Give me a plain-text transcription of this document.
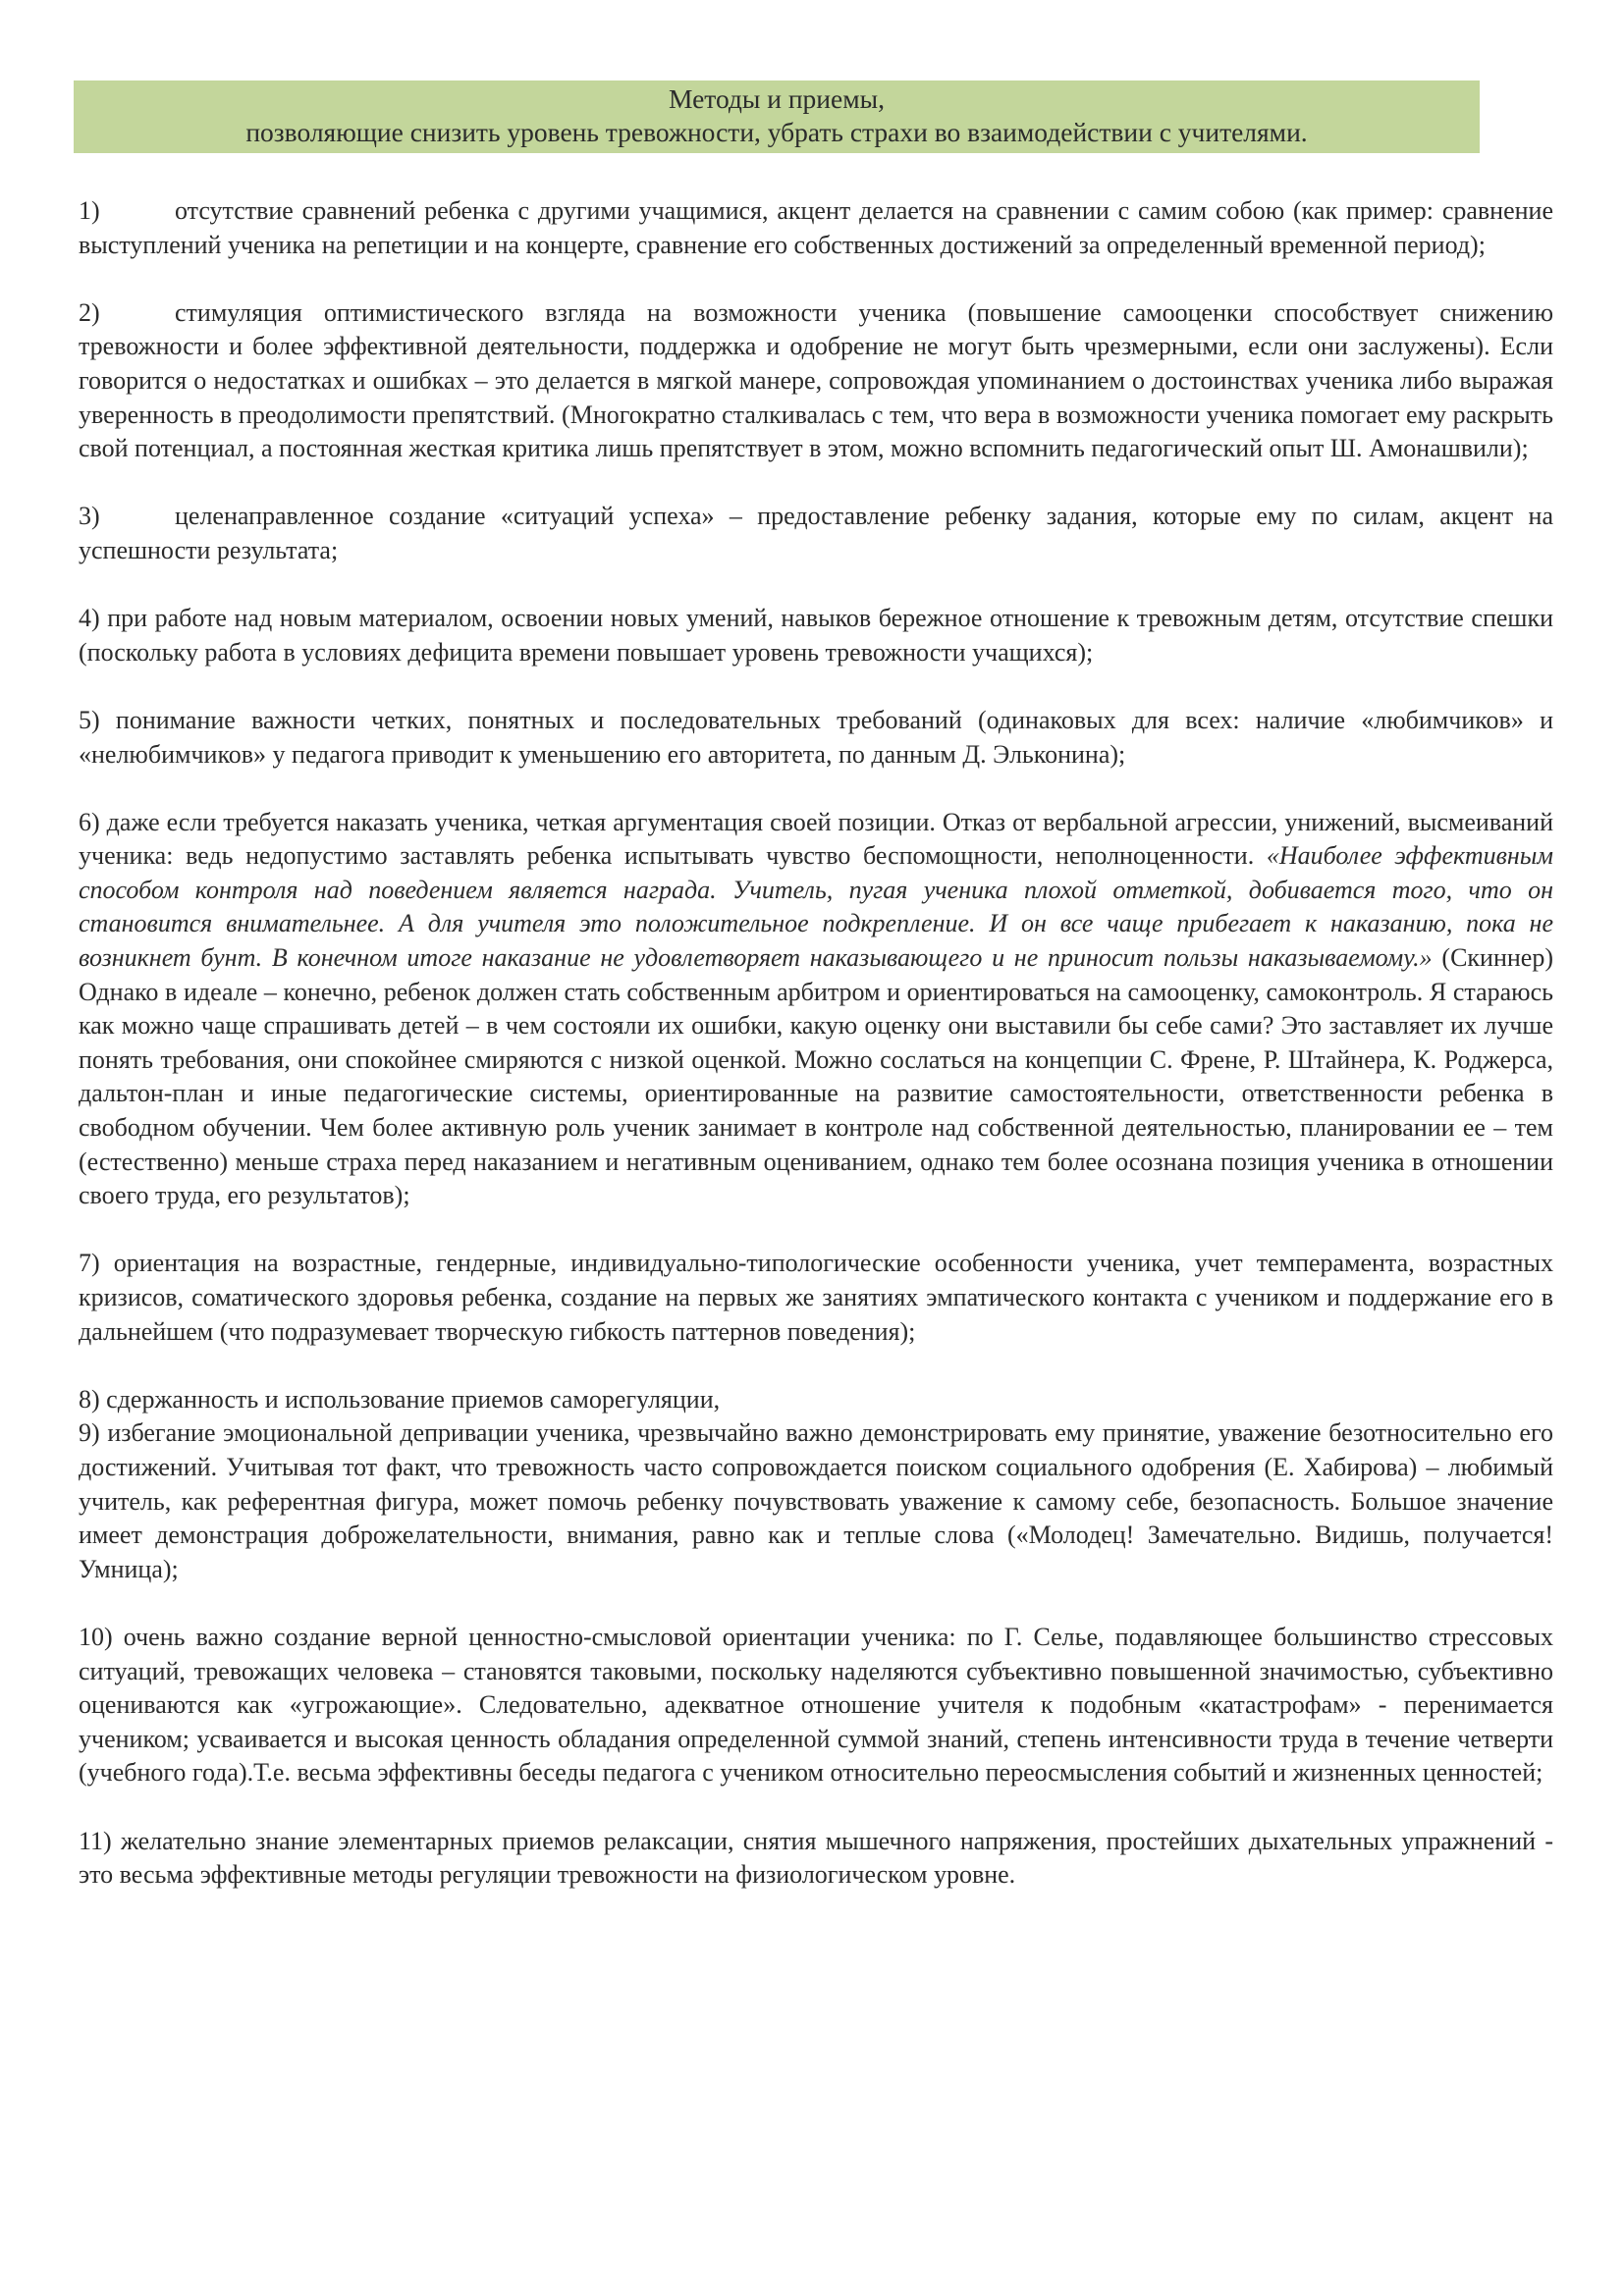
Методы и приемы,
позволяющие снизить уровень тревожности, убрать страхи во взаимодействии с учителями.

1)	отсутствие сравнений ребенка с другими учащимися, акцент делается на сравнении с самим собою (как пример: сравнение выступлений ученика на репетиции и на концерте, сравнение его собственных достижений за определенный временной период);

2)	стимуляция оптимистического взгляда на возможности ученика (повышение самооценки способствует снижению тревожности и более эффективной деятельности, поддержка и одобрение не могут быть чрезмерными, если они заслужены). Если говорится о недостатках и ошибках – это делается в мягкой манере, сопровождая упоминанием о достоинствах ученика либо выражая уверенность в преодолимости препятствий. (Многократно сталкивалась с тем, что вера в возможности ученика помогает ему раскрыть свой потенциал, а постоянная жесткая критика лишь препятствует в этом, можно вспомнить педагогический опыт Ш. Амонашвили);

3)	целенаправленное создание «ситуаций успеха» – предоставление ребенку задания, которые ему по силам, акцент на успешности результата;

4) при работе над новым материалом, освоении новых умений, навыков бережное отношение к тревожным детям, отсутствие спешки (поскольку работа в условиях дефицита времени повышает уровень тревожности учащихся);

5) понимание важности четких, понятных и последовательных требований (одинаковых для всех: наличие «любимчиков» и «нелюбимчиков» у педагога приводит к уменьшению его авторитета, по данным Д. Эльконина);

6) даже если требуется наказать ученика, четкая аргументация своей позиции. Отказ от вербальной агрессии, унижений, высмеиваний ученика: ведь недопустимо заставлять ребенка испытывать чувство беспомощности, неполноценности. «Наиболее эффективным способом контроля над поведением является награда. Учитель, пугая ученика плохой отметкой, добивается того, что он становится внимательнее. А для учителя это положительное подкрепление. И он все чаще прибегает к наказанию, пока не возникнет бунт. В конечном итоге наказание не удовлетворяет наказывающего и не приносит пользы наказываемому.» (Скиннер) Однако в идеале – конечно, ребенок должен стать собственным арбитром и ориентироваться на самооценку, самоконтроль. Я стараюсь как можно чаще спрашивать детей – в чем состояли их ошибки, какую оценку они выставили бы себе сами? Это заставляет их лучше понять требования, они спокойнее смиряются с низкой оценкой. Можно сослаться на концепции С. Френе, Р. Штайнера, К. Роджерса, дальтон-план и иные педагогические системы, ориентированные на развитие самостоятельности, ответственности ребенка в свободном обучении. Чем более активную роль ученик занимает в контроле над собственной деятельностью, планировании ее – тем (естественно) меньше страха перед наказанием и негативным оцениванием, однако тем более осознана позиция ученика в отношении своего труда, его результатов);

7) ориентация на возрастные, гендерные, индивидуально-типологические особенности ученика, учет темперамента, возрастных кризисов, соматического здоровья ребенка, создание на первых же занятиях эмпатического контакта с учеником и поддержание его в дальнейшем (что подразумевает творческую гибкость паттернов поведения);

8) сдержанность и использование приемов саморегуляции,

9) избегание эмоциональной депривации ученика, чрезвычайно важно демонстрировать ему принятие, уважение безотносительно его достижений. Учитывая тот факт, что тревожность часто сопровождается поиском социального одобрения (Е. Хабирова) – любимый учитель, как референтная фигура, может помочь ребенку почувствовать уважение к самому себе, безопасность. Большое значение имеет демонстрация доброжелательности, внимания, равно как и теплые слова («Молодец! Замечательно. Видишь, получается! Умница);

10) очень важно создание верной ценностно-смысловой ориентации ученика: по Г. Селье, подавляющее большинство стрессовых ситуаций, тревожащих человека – становятся таковыми, поскольку наделяются субъективно повышенной значимостью, субъективно оцениваются как «угрожающие». Следовательно, адекватное отношение учителя к подобным «катастрофам» - перенимается учеником; усваивается и высокая ценность обладания определенной суммой знаний, степень интенсивности труда в течение четверти (учебного года).Т.е. весьма эффективны беседы педагога с учеником относительно переосмысления событий и жизненных ценностей;

11) желательно знание элементарных приемов релаксации, снятия мышечного напряжения, простейших дыхательных упражнений - это весьма эффективные методы регуляции тревожности на физиологическом уровне.
